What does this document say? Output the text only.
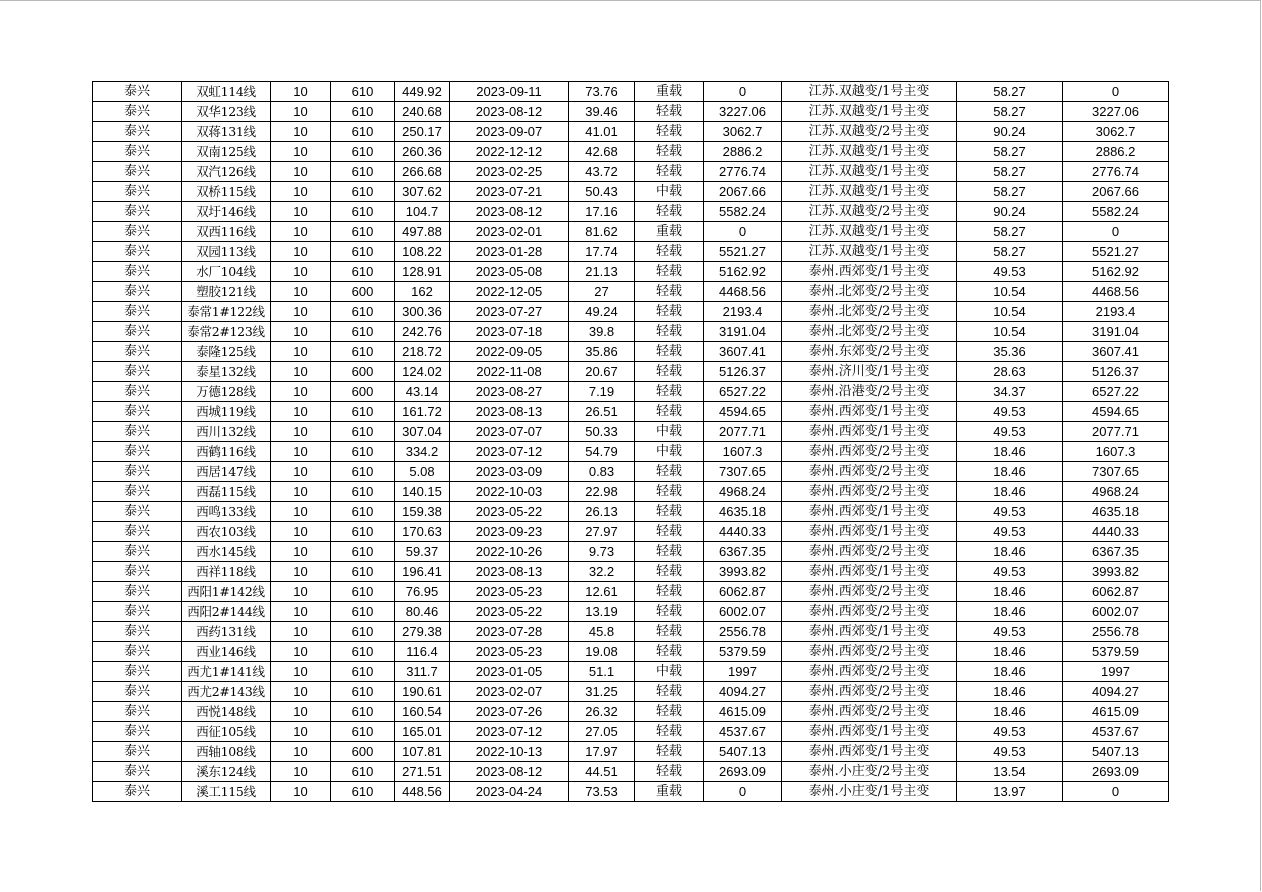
泰兴	双虹114线	10	610	449.92	2023-09-11	73.76	重载	0	江苏.双越变/1号主变	58.27	0
泰兴	双华123线	10	610	240.68	2023-08-12	39.46	轻载	3227.06	江苏.双越变/1号主变	58.27	3227.06
泰兴	双蒋131线	10	610	250.17	2023-09-07	41.01	轻载	3062.7	江苏.双越变/2号主变	90.24	3062.7
泰兴	双南125线	10	610	260.36	2022-12-12	42.68	轻载	2886.2	江苏.双越变/1号主变	58.27	2886.2
泰兴	双汽126线	10	610	266.68	2023-02-25	43.72	轻载	2776.74	江苏.双越变/1号主变	58.27	2776.74
泰兴	双桥115线	10	610	307.62	2023-07-21	50.43	中载	2067.66	江苏.双越变/1号主变	58.27	2067.66
泰兴	双圩146线	10	610	104.7	2023-08-12	17.16	轻载	5582.24	江苏.双越变/2号主变	90.24	5582.24
泰兴	双西116线	10	610	497.88	2023-02-01	81.62	重载	0	江苏.双越变/1号主变	58.27	0
泰兴	双园113线	10	610	108.22	2023-01-28	17.74	轻载	5521.27	江苏.双越变/1号主变	58.27	5521.27
泰兴	水厂104线	10	610	128.91	2023-05-08	21.13	轻载	5162.92	泰州.西郊变/1号主变	49.53	5162.92
泰兴	塑胶121线	10	600	162	2022-12-05	27	轻载	4468.56	泰州.北郊变/2号主变	10.54	4468.56
泰兴	泰常1#122线	10	610	300.36	2023-07-27	49.24	轻载	2193.4	泰州.北郊变/2号主变	10.54	2193.4
泰兴	泰常2#123线	10	610	242.76	2023-07-18	39.8	轻载	3191.04	泰州.北郊变/2号主变	10.54	3191.04
泰兴	泰隆125线	10	610	218.72	2022-09-05	35.86	轻载	3607.41	泰州.东郊变/2号主变	35.36	3607.41
泰兴	泰星132线	10	600	124.02	2022-11-08	20.67	轻载	5126.37	泰州.济川变/1号主变	28.63	5126.37
泰兴	万德128线	10	600	43.14	2023-08-27	7.19	轻载	6527.22	泰州.沿港变/2号主变	34.37	6527.22
泰兴	西城119线	10	610	161.72	2023-08-13	26.51	轻载	4594.65	泰州.西郊变/1号主变	49.53	4594.65
泰兴	西川132线	10	610	307.04	2023-07-07	50.33	中载	2077.71	泰州.西郊变/1号主变	49.53	2077.71
泰兴	西鹤116线	10	610	334.2	2023-07-12	54.79	中载	1607.3	泰州.西郊变/2号主变	18.46	1607.3
泰兴	西居147线	10	610	5.08	2023-03-09	0.83	轻载	7307.65	泰州.西郊变/2号主变	18.46	7307.65
泰兴	西磊115线	10	610	140.15	2022-10-03	22.98	轻载	4968.24	泰州.西郊变/2号主变	18.46	4968.24
泰兴	西鸣133线	10	610	159.38	2023-05-22	26.13	轻载	4635.18	泰州.西郊变/1号主变	49.53	4635.18
泰兴	西农103线	10	610	170.63	2023-09-23	27.97	轻载	4440.33	泰州.西郊变/1号主变	49.53	4440.33
泰兴	西水145线	10	610	59.37	2022-10-26	9.73	轻载	6367.35	泰州.西郊变/2号主变	18.46	6367.35
泰兴	西祥118线	10	610	196.41	2023-08-13	32.2	轻载	3993.82	泰州.西郊变/1号主变	49.53	3993.82
泰兴	西阳1#142线	10	610	76.95	2023-05-23	12.61	轻载	6062.87	泰州.西郊变/2号主变	18.46	6062.87
泰兴	西阳2#144线	10	610	80.46	2023-05-22	13.19	轻载	6002.07	泰州.西郊变/2号主变	18.46	6002.07
泰兴	西药131线	10	610	279.38	2023-07-28	45.8	轻载	2556.78	泰州.西郊变/1号主变	49.53	2556.78
泰兴	西业146线	10	610	116.4	2023-05-23	19.08	轻载	5379.59	泰州.西郊变/2号主变	18.46	5379.59
泰兴	西尤1#141线	10	610	311.7	2023-01-05	51.1	中载	1997	泰州.西郊变/2号主变	18.46	1997
泰兴	西尤2#143线	10	610	190.61	2023-02-07	31.25	轻载	4094.27	泰州.西郊变/2号主变	18.46	4094.27
泰兴	西悦148线	10	610	160.54	2023-07-26	26.32	轻载	4615.09	泰州.西郊变/2号主变	18.46	4615.09
泰兴	西征105线	10	610	165.01	2023-07-12	27.05	轻载	4537.67	泰州.西郊变/1号主变	49.53	4537.67
泰兴	西轴108线	10	600	107.81	2022-10-13	17.97	轻载	5407.13	泰州.西郊变/1号主变	49.53	5407.13
泰兴	溪东124线	10	610	271.51	2023-08-12	44.51	轻载	2693.09	泰州.小庄变/2号主变	13.54	2693.09
泰兴	溪工115线	10	610	448.56	2023-04-24	73.53	重载	0	泰州.小庄变/1号主变	13.97	0
